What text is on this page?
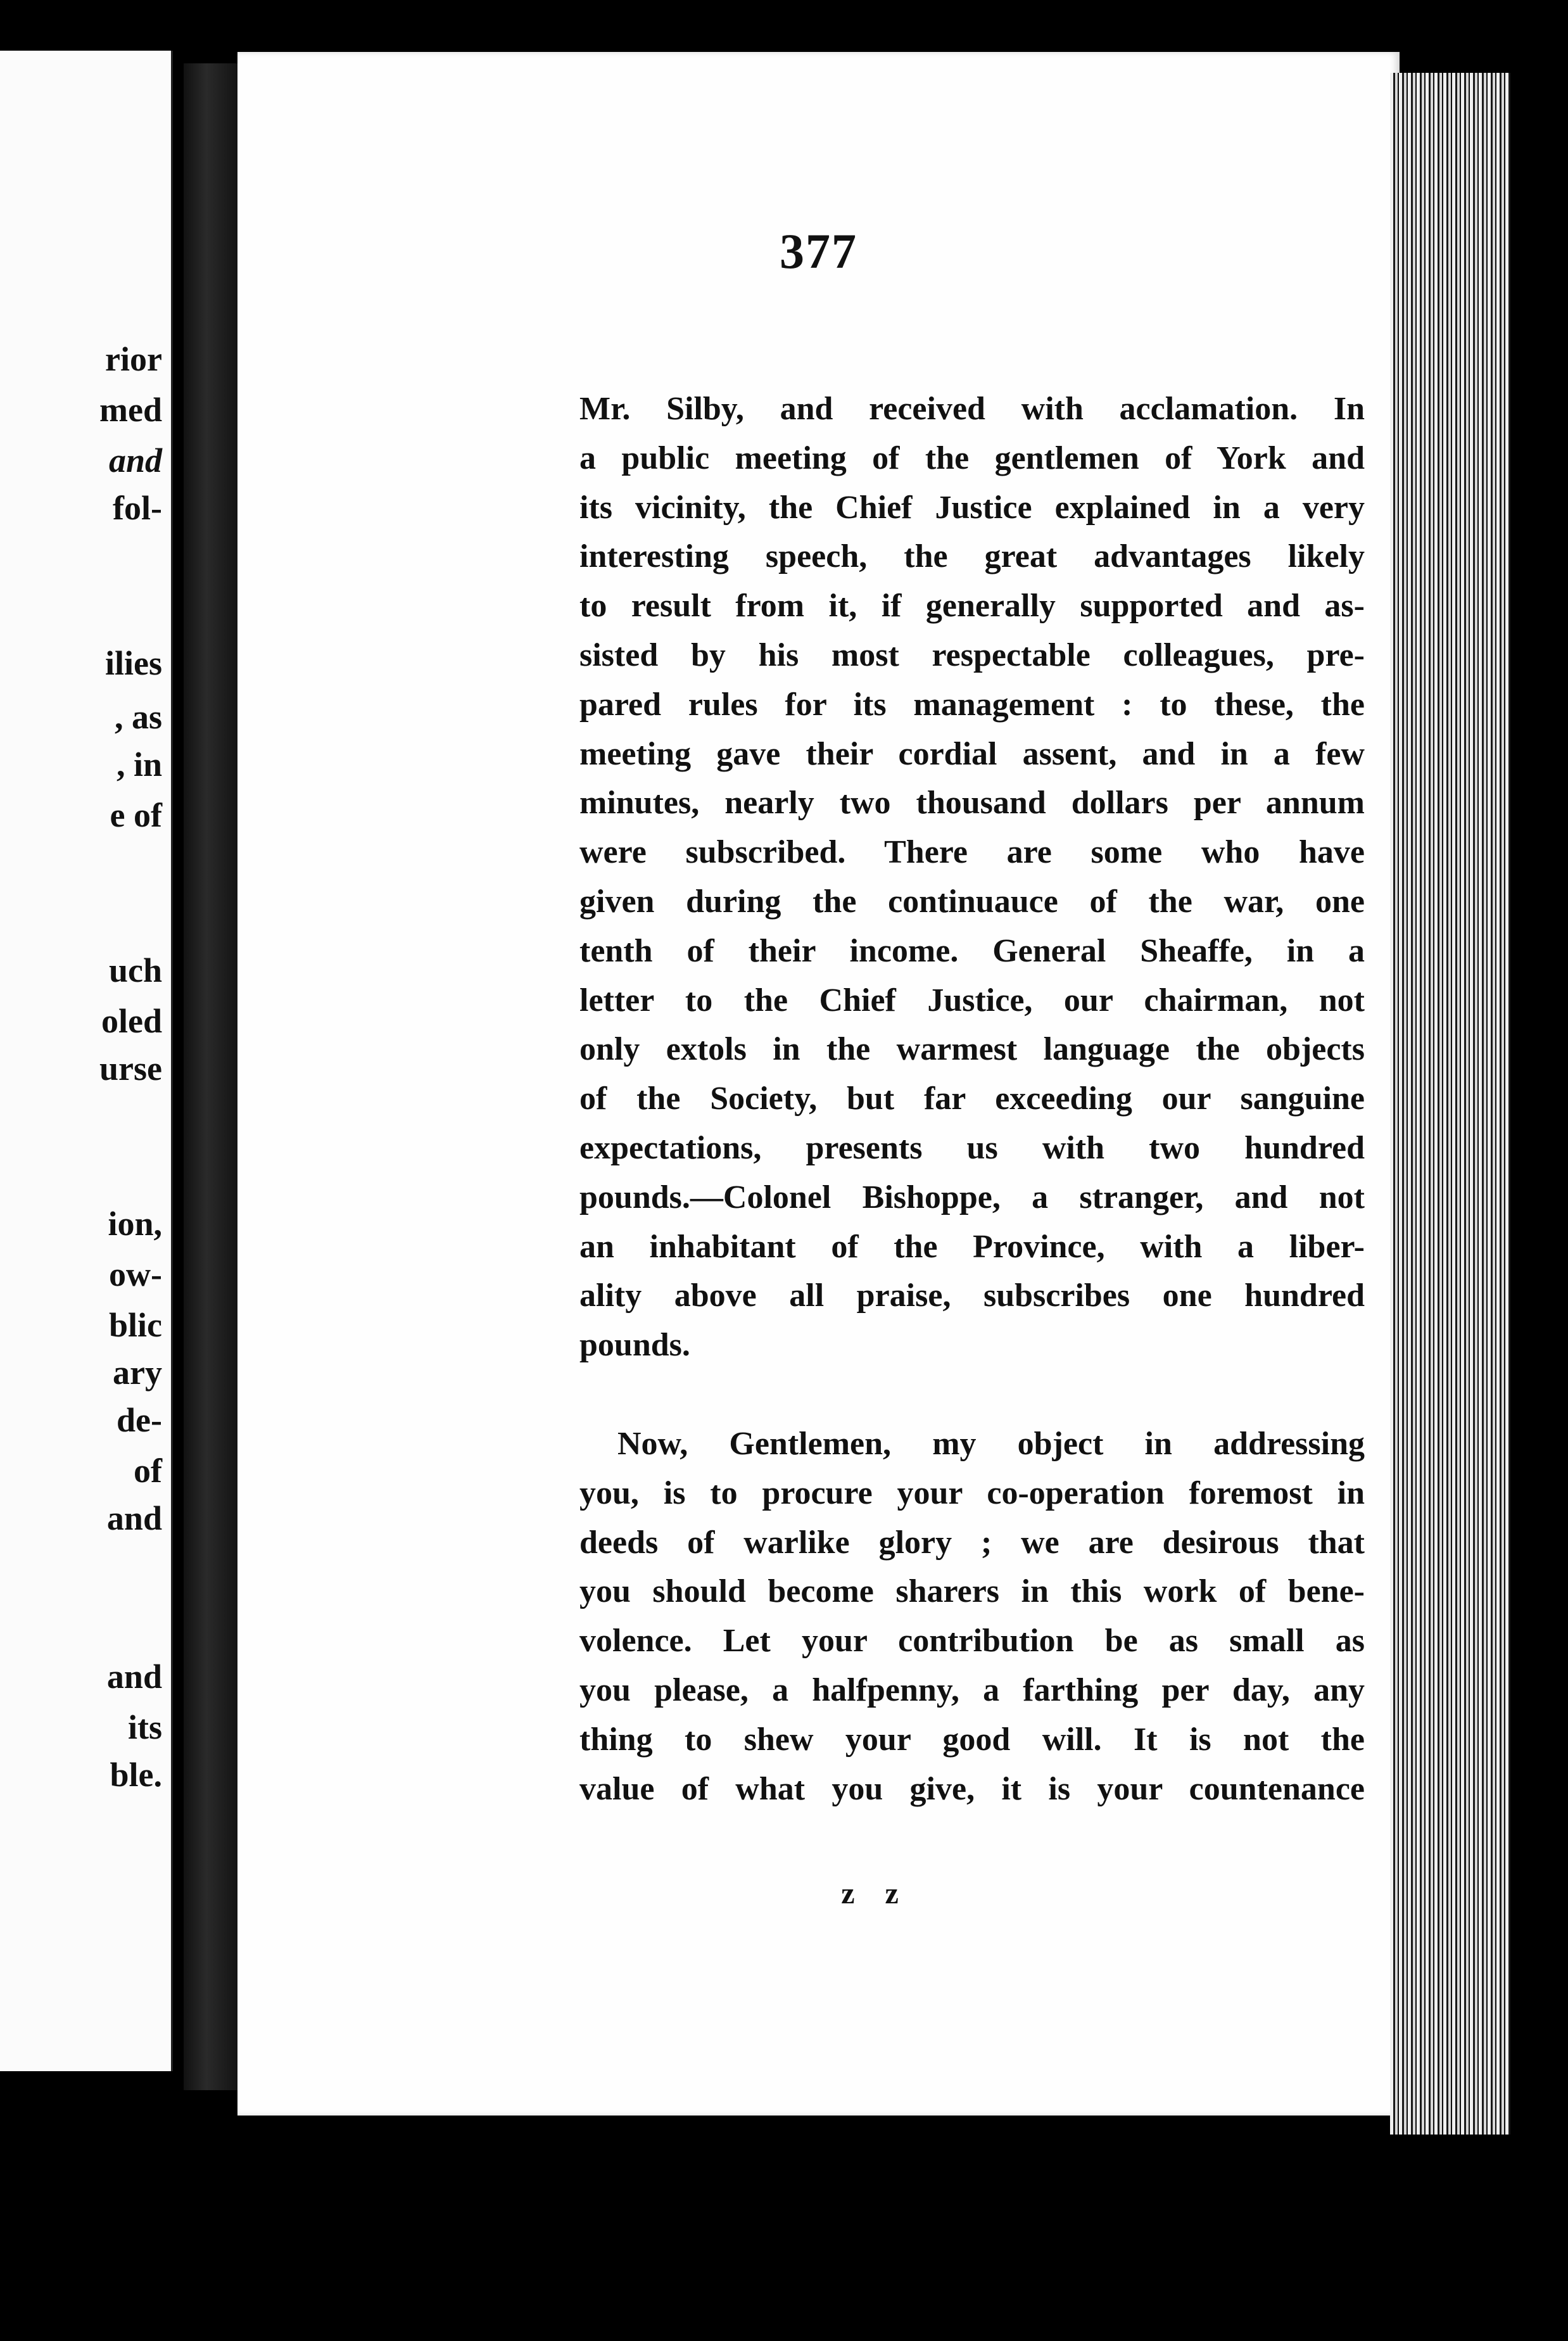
rior
med
and
fol-
ilies
, as
, in
e of
uch
oled
urse
ion,
ow-
blic
ary
de-
of
and
and
its
ble.
377
Mr. Silby, and received with acclamation. In
a public meeting of the gentlemen of York and
its vicinity, the Chief Justice explained in a very
interesting speech, the great advantages likely
to result from it, if generally supported and as-
sisted by his most respectable colleagues, pre-
pared rules for its management : to these, the
meeting gave their cordial assent, and in a few
minutes, nearly two thousand dollars per annum
were subscribed. There are some who have
given during the continuauce of the war, one
tenth of their income. General Sheaffe, in a
letter to the Chief Justice, our chairman, not
only extols in the warmest language the objects
of the Society, but far exceeding our sanguine
expectations, presents us with two hundred
pounds.—Colonel Bishoppe, a stranger, and not
an inhabitant of the Province, with a liber-
ality above all praise, subscribes one hundred
pounds.
Now, Gentlemen, my object in addressing
you, is to procure your co-operation foremost in
deeds of warlike glory ; we are desirous that
you should become sharers in this work of bene-
volence. Let your contribution be as small as
you please, a halfpenny, a farthing per day, any
thing to shew your good will. It is not the
value of what you give, it is your countenance
z z
